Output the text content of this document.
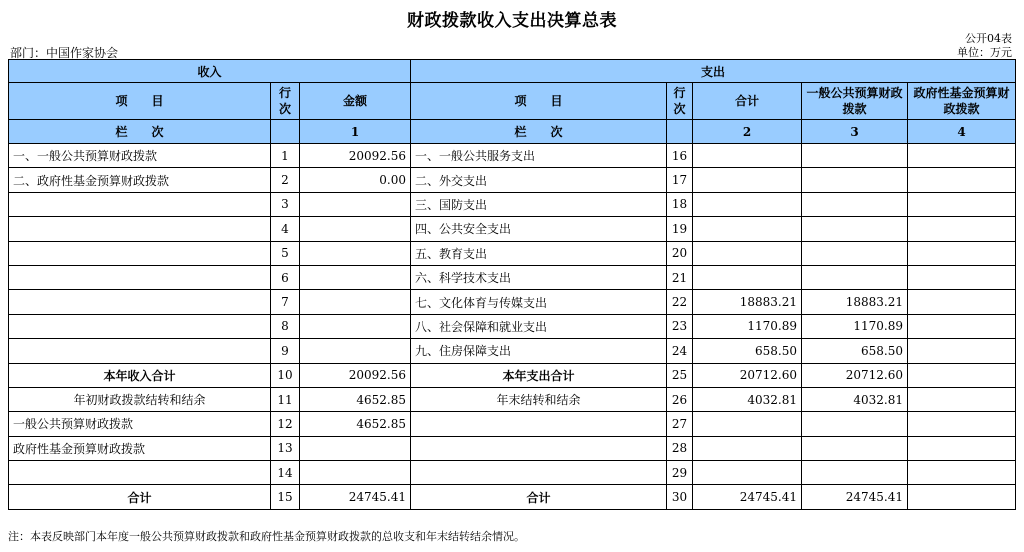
财政拨款收入支出决算总表
公开04表
部门：中国作家协会	单位：万元
收入			支出				
项　　目	行次	金额	项　　目	行次	合计	一般公共预算财政拨款	政府性基金预算财政拨款
栏　　次		1	栏　　次		2	3	4
一、一般公共预算财政拨款	1	20092.56	一、一般公共服务支出	16			
二、政府性基金预算财政拨款	2	0.00	二、外交支出	17			
	3		三、国防支出	18			
	4		四、公共安全支出	19			
	5		五、教育支出	20			
	6		六、科学技术支出	21			
	7		七、文化体育与传媒支出	22	18883.21	18883.21	
	8		八、社会保障和就业支出	23	1170.89	1170.89	
	9		九、住房保障支出	24	658.50	658.50	
本年收入合计	10	20092.56	本年支出合计	25	20712.60	20712.60	
年初财政拨款结转和结余	11	4652.85	年末结转和结余	26	4032.81	4032.81	
一般公共预算财政拨款	12	4652.85		27			
政府性基金预算财政拨款	13			28			
	14			29			
合计	15	24745.41	合计	30	24745.41	24745.41	
注：本表反映部门本年度一般公共预算财政拨款和政府性基金预算财政拨款的总收支和年末结转结余情况。
